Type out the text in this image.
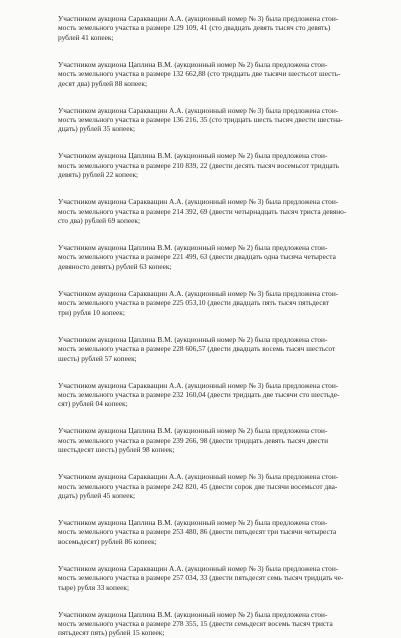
Участником аукциона Саракващин А.А. (аукционный номер № 3) была предложена стои-
мость земельного участка в размере 129 109, 41 (сто двадцать девять тысяч сто девять)
рублей 41 копеек;
Участником аукциона Цаплина В.М. (аукционный номер № 2) была предложена стои-
мость земельного участка в размере 132 662,88 (сто тридцать две тысячи шестьсот шесть-
десят два) рублей 88 копеек;
Участником аукциона Саракващин А.А. (аукционный номер № 3) была предложена стои-
мость земельного участка в размере 136 216, 35 (сто тридцать шесть тысяч двести шестна-
дцать) рублей 35 копеек;
Участником аукциона Цаплина В.М. (аукционный номер № 2) была предложена стои-
мость земельного участка в размере 210 839, 22 (двести десять тысяч восемьсот тридцать
девять) рублей 22 копеек;
Участником аукциона Саракващин А.А. (аукционный номер № 3) была предложена стои-
мость земельного участка в размере 214 392, 69 (двести четырнадцать тысяч триста девяно-
сто два) рублей 69 копеек;
Участником аукциона Цаплина В.М. (аукционный номер № 2) была предложена стои-
мость земельного участка в размере 221 499, 63 (двести двадцать одна тысяча четыреста
девяносто девять) рублей 63 копеек;
Участником аукциона Саракващин А.А. (аукционный номер № 3) была предложена стои-
мость земельного участка в размере 225 053,10 (двести двадцать пять тысяч пятьдесят
три) рубля 10 копеек;
Участником аукциона Цаплина В.М. (аукционный номер № 2) была предложена стои-
мость земельного участка в размере 228 606,57 (двести двадцать восемь тысяч шестьсот
шесть) рублей 57 копеек;
Участником аукциона Саракващин А.А. (аукционный номер № 3) была предложена стои-
мость земельного участка в размере 232 160,04 (двести тридцать две тысячи сто шестьде-
сят) рублей 04 копеек;
Участником аукциона Цаплина В.М. (аукционный номер № 2) была предложена стои-
мость земельного участка в размере 239 266, 98 (двести тридцать девять тысяч двести
шестьдесят шесть) рублей 98 копеек;
Участником аукциона Саракващин А.А. (аукционный номер № 3) была предложена стои-
мость земельного участка в размере 242 820, 45 (двести сорок две тысячи восемьсот два-
дцать) рублей 45 копеек;
Участником аукциона Цаплина В.М. (аукционный номер № 2) была предложена стои-
мость земельного участка в размере 253 480, 86 (двести пятьдесят три тысячи четыреста
восемьдесят) рублей 86 копеек;
Участником аукциона Саракващин А.А. (аукционный номер № 3) была предложена стои-
мость земельного участка в размере 257 034, 33 (двести пятьдесят семь тысяч тридцать че-
тыре) рубля 33 копеек;
Участником аукциона Цаплина В.М. (аукционный номер № 2) была предложена стои-
мость земельного участка в размере 278 355, 15 (двести семьдесят восемь тысяч триста
пятьдесят пять) рублей 15 копеек;
